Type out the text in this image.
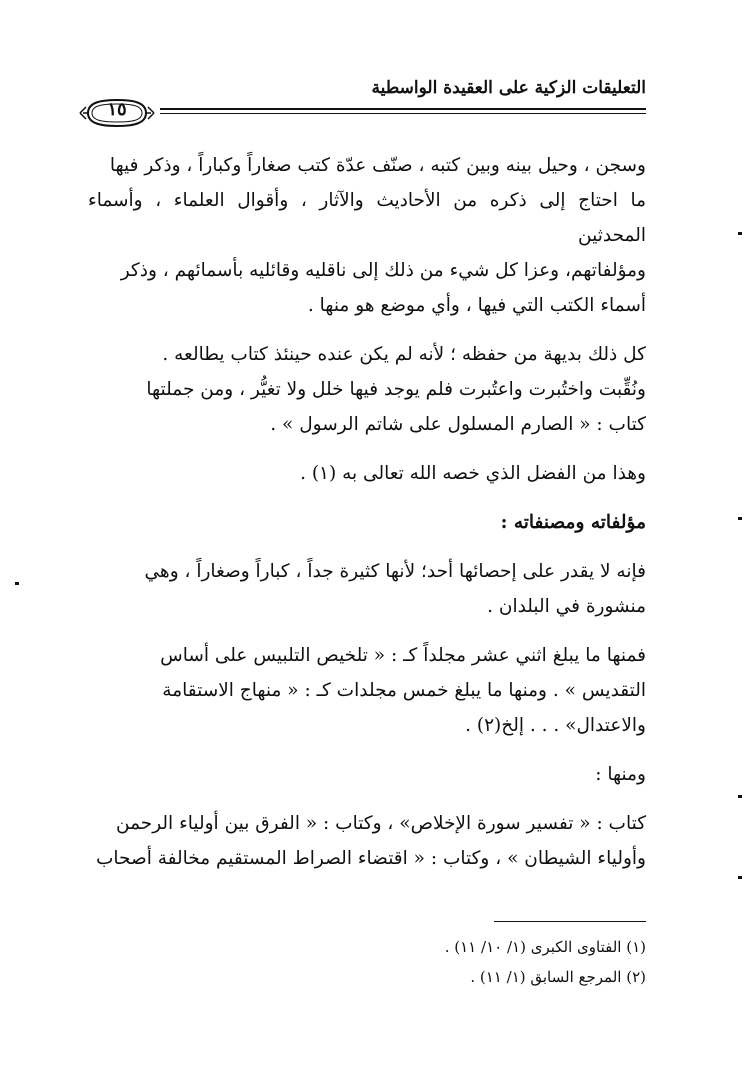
التعليقات الزكية على العقيدة الواسطية
١٥

وسجن ، وحيل بينه وبين كتبه ، صنّف عدّة كتب صغاراً وكباراً ، وذكر فيها

ما احتاج إلى ذكره من الأحاديث والآثار ، وأقوال العلماء ، وأسماء المحدثين

ومؤلفاتهم، وعزا كل شيء من ذلك إلى ناقليه وقائليه بأسمائهم ، وذكر

أسماء الكتب التي فيها ، وأي موضع هو منها .

كل ذلك بديهة من حفظه ؛ لأنه لم يكن عنده حينئذ كتاب يطالعه .

ونُقِّبت واختُبرت واعتُبرت فلم يوجد فيها خلل ولا تغيُّر ، ومن جملتها

كتاب : « الصارم المسلول على شاتم الرسول » .

وهذا من الفضل الذي خصه الله تعالى به (١) .

مؤلفاته ومصنفاته :

فإنه لا يقدر على إحصائها أحد؛ لأنها كثيرة جداً ، كباراً وصغاراً ، وهي

منشورة في البلدان .

فمنها ما يبلغ اثني عشر مجلداً كـ : « تلخيص التلبيس على أساس

التقديس » . ومنها ما يبلغ خمس مجلدات كـ : « منهاج الاستقامة

والاعتدال» . . . إلخ(٢) .

ومنها :

كتاب : « تفسير سورة الإخلاص» ، وكتاب : « الفرق بين أولياء الرحمن

وأولياء الشيطان » ، وكتاب : « اقتضاء الصراط المستقيم مخالفة أصحاب

(١) الفتاوى الكبرى (١/ ١٠/ ١١) .
(٢) المرجع السابق (١/ ١١) .
